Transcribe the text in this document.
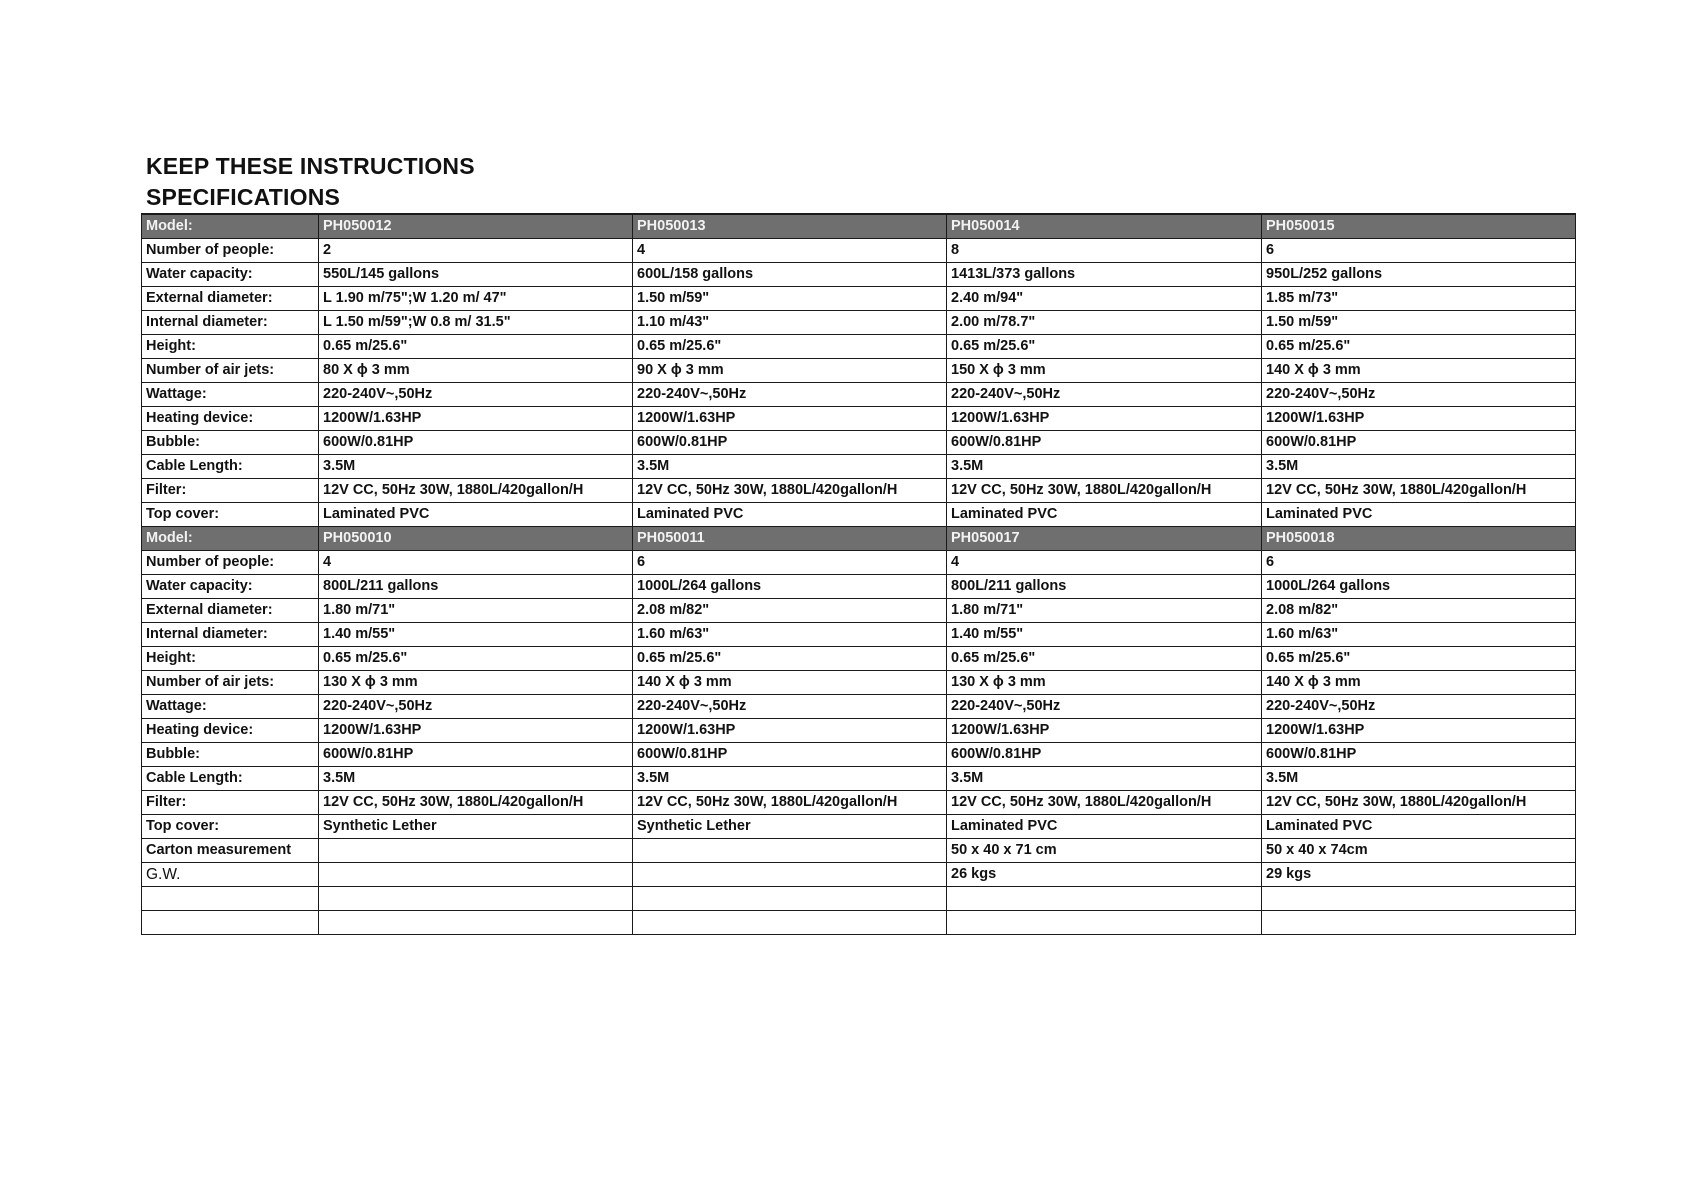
KEEP THESE INSTRUCTIONS
SPECIFICATIONS
Model:	PH050012	PH050013	PH050014	PH050015
Number of people:	2	4	8	6
Water capacity:	550L/145 gallons	600L/158 gallons	1413L/373 gallons	950L/252 gallons
External diameter:	L 1.90 m/75";W 1.20 m/ 47"	1.50 m/59"	2.40 m/94"	1.85 m/73"
Internal diameter:	L 1.50 m/59";W 0.8 m/ 31.5"	1.10 m/43"	2.00 m/78.7"	1.50 m/59"
Height:	0.65 m/25.6"	0.65 m/25.6"	0.65 m/25.6"	0.65 m/25.6"
Number of air jets:	80 X ϕ 3 mm	90 X ϕ 3 mm	150 X ϕ 3 mm	140 X ϕ 3 mm
Wattage:	220-240V~,50Hz	220-240V~,50Hz	220-240V~,50Hz	220-240V~,50Hz
Heating device:	1200W/1.63HP	1200W/1.63HP	1200W/1.63HP	1200W/1.63HP
Bubble:	600W/0.81HP	600W/0.81HP	600W/0.81HP	600W/0.81HP
Cable Length:	3.5M	3.5M	3.5M	3.5M
Filter:	12V CC, 50Hz 30W, 1880L/420gallon/H	12V CC, 50Hz 30W, 1880L/420gallon/H	12V CC, 50Hz 30W, 1880L/420gallon/H	12V CC, 50Hz 30W, 1880L/420gallon/H
Top cover:	Laminated PVC	Laminated PVC	Laminated PVC	Laminated PVC
Model:	PH050010	PH050011	PH050017	PH050018
Number of people:	4	6	4	6
Water capacity:	800L/211 gallons	1000L/264 gallons	800L/211 gallons	1000L/264 gallons
External diameter:	1.80 m/71"	2.08 m/82"	1.80 m/71"	2.08 m/82"
Internal diameter:	1.40 m/55"	1.60 m/63"	1.40 m/55"	1.60 m/63"
Height:	0.65 m/25.6"	0.65 m/25.6"	0.65 m/25.6"	0.65 m/25.6"
Number of air jets:	130 X ϕ 3 mm	140 X ϕ 3 mm	130 X ϕ 3 mm	140 X ϕ 3 mm
Wattage:	220-240V~,50Hz	220-240V~,50Hz	220-240V~,50Hz	220-240V~,50Hz
Heating device:	1200W/1.63HP	1200W/1.63HP	1200W/1.63HP	1200W/1.63HP
Bubble:	600W/0.81HP	600W/0.81HP	600W/0.81HP	600W/0.81HP
Cable Length:	3.5M	3.5M	3.5M	3.5M
Filter:	12V CC, 50Hz 30W, 1880L/420gallon/H	12V CC, 50Hz 30W, 1880L/420gallon/H	12V CC, 50Hz 30W, 1880L/420gallon/H	12V CC, 50Hz 30W, 1880L/420gallon/H
Top cover:	Synthetic Lether	Synthetic Lether	Laminated PVC	Laminated PVC
Carton measurement			50 x 40 x 71 cm	50 x 40 x 74cm
G.W.			26 kgs	29 kgs
